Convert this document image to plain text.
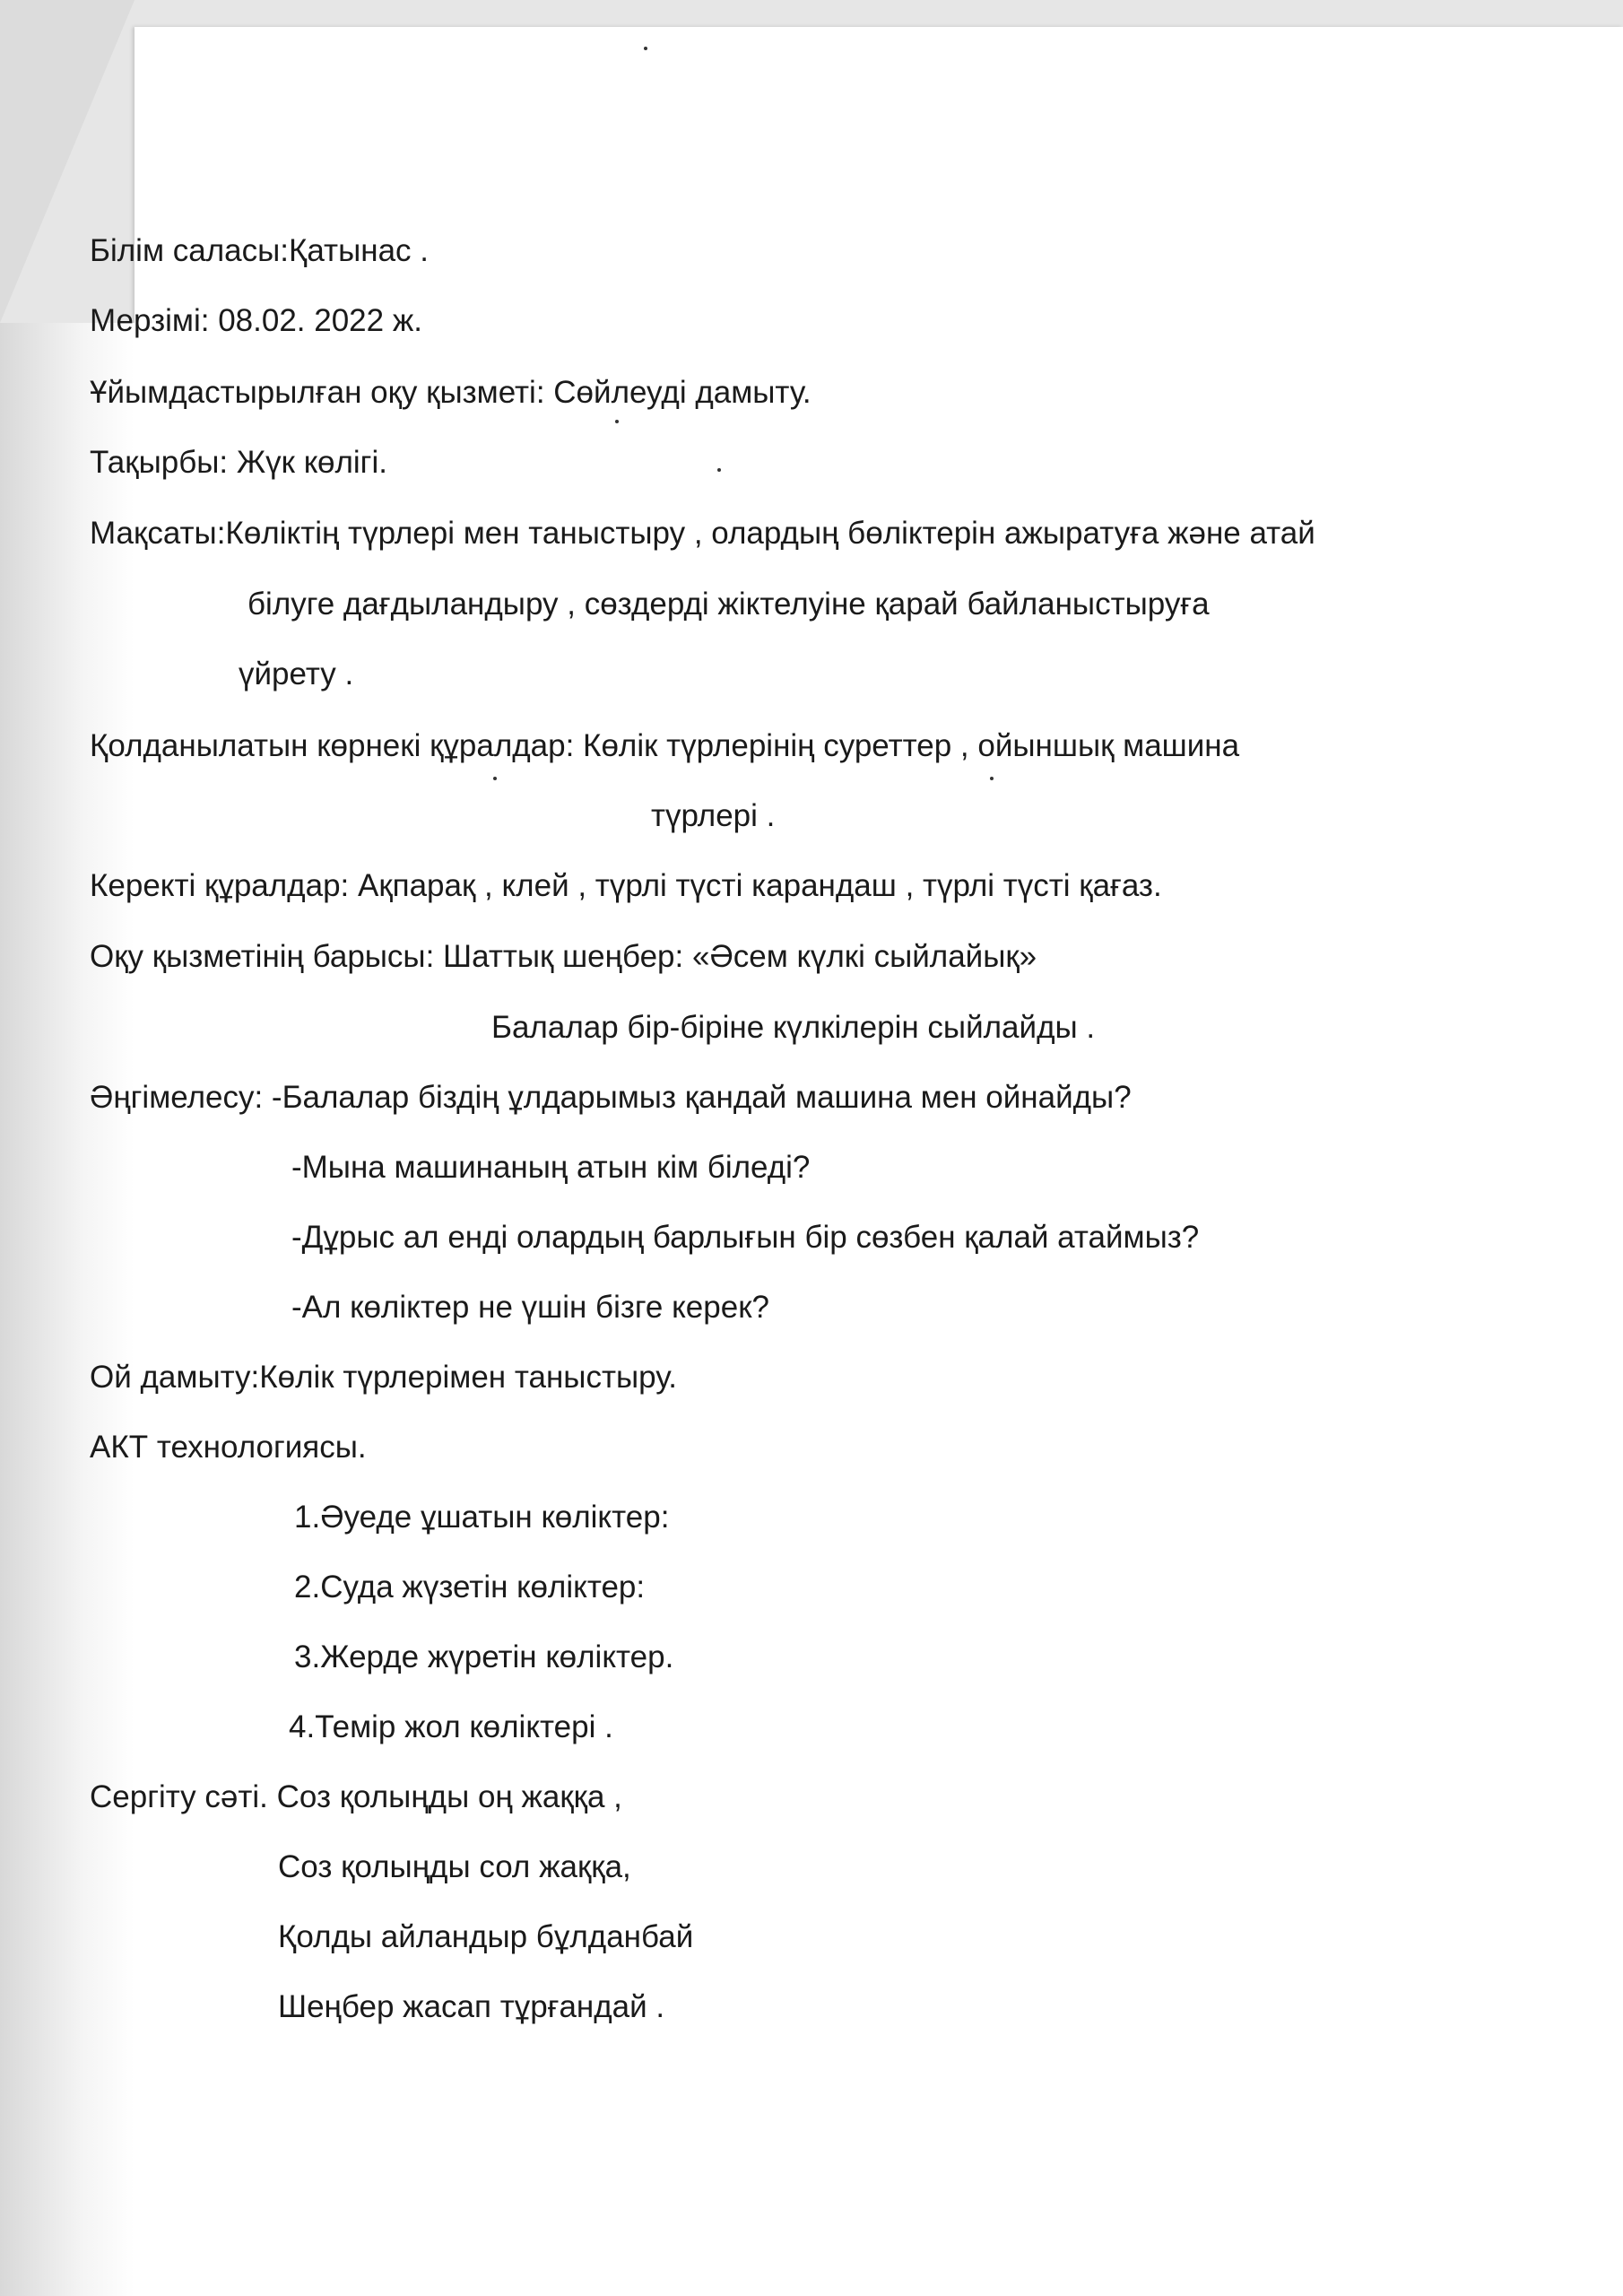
Білім саласы:Қатынас .

Мерзімі: 08.02. 2022 ж.

Ұйымдастырылған оқу қызметі: Сөйлеуді дамыту.

Тақырбы: Жүк көлігі.

Мақсаты:Көліктің түрлері мен таныстыру , олардың бөліктерін ажыратуға және атай

білуге дағдыландыру , сөздерді жіктелуіне қарай байланыстыруға

үйрету .

Қолданылатын көрнекі құралдар: Көлік түрлерінің суреттер , ойыншық машина

түрлері .

Керекті құралдар: Ақпарақ , клей , түрлі түсті карандаш , түрлі түсті қағаз.

Оқу қызметінің барысы: Шаттық шеңбер: «Әсем күлкі сыйлайық»

Балалар бір-біріне күлкілерін сыйлайды .

Әңгімелесу: -Балалар біздің ұлдарымыз қандай машина мен ойнайды?

-Мына машинаның атын кім біледі?

-Дұрыс ал енді олардың барлығын бір сөзбен қалай атаймыз?

-Ал көліктер не үшін бізге керек?

Ой дамыту:Көлік түрлерімен таныстыру.

АКТ технологиясы.

1.Әуеде ұшатын көліктер:

2.Суда жүзетін көліктер:

3.Жерде жүретін көліктер.

4.Темір жол көліктері .

Сергіту сәті. Соз қолыңды оң жаққа ,

Соз қолыңды сол жаққа,

Қолды айландыр бұлданбай

Шеңбер жасап тұрғандай .
